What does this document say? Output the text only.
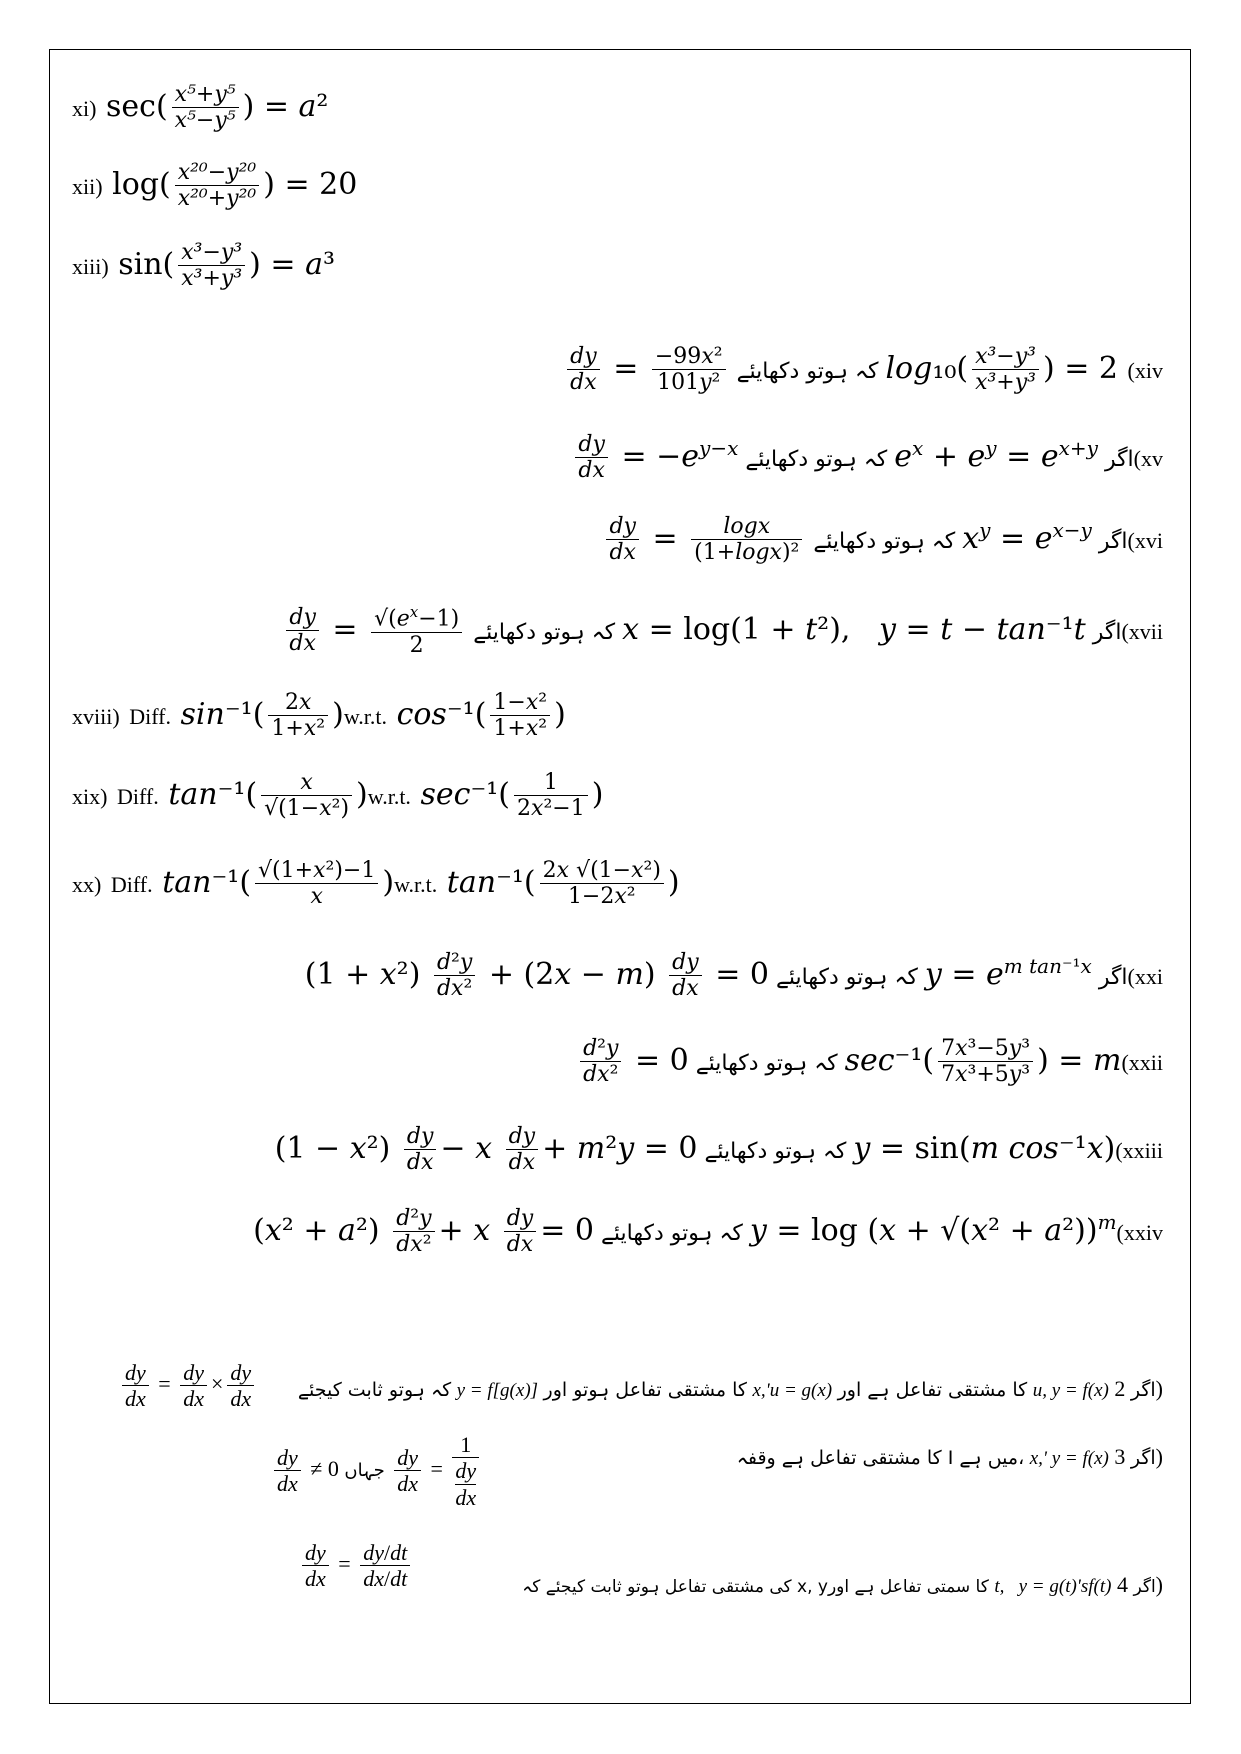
xi) $\sec( \frac{\text{x⁵+y⁵}}{\text{x⁵−y⁵}}$ ) = a²
xii) $\log( \frac{\text{x²⁰−y²⁰}}{\text{x²⁰+y²⁰}}$ ) = 20
xiii) $\sin( \frac{\text{x³−y³}}{\text{x³+y³}}$ ) = a³
$\frac{dy}{dx} = \frac{\text{−99x²}}{\text{101y²}}$ کہ ہوتو دکھایئے $\log_{10}( \frac{\text{x³−y³}}{\text{x³+y³}}$ ) = 2 (xiv
$\frac{dy}{dx} = -e^{y-x}$ کہ ہوتو دکھایئے $e^x + e^y = e^{x+y}$ اگر(xv
$\frac{dy}{dx} = \frac{\log x}{\text{(1+logx)²}}$ کہ ہوتو دکھایئے $x^y = e^{x-y}$ اگر(xvi
$\frac{dy}{dx} = \frac{√(e^x-1)}{2}$ کہ ہوتو دکھایئے x = log(1 + t²),   y = t − tan⁻¹t اگر(xvii
xviii) Diff. $\sin^{-1}( \frac{2x}{\text{1+x²}} )w.r.t$. $\cos^{-1}( \frac{\text{1−x²}}{\text{1+x²}}$ )
xix) Diff. $\tan^{-1}( \frac{x}{\text{√(1−x²)}} )w.r.t$. $\sec^{-1}( \frac{1}{\text{2x²−1}}$ )
xx) Diff. $\tan^{-1}( \frac{\text{√(1+x²)−1}}{x} )w.r.t$. $\tan^{-1}( \frac{\text{2x √(1−x²)}}{\text{1−2x²}}$ )
$(1 + x^2) \frac{\text{d²y}}{\text{dx²}} + (2x - m) \frac{dy}{dx} = 0$ کہ ہوتو دکھایئے $y = e^{m tan^{-1}x}$ اگر(xxi
$\frac{\text{d²y}}{\text{dx²}} = 0$ کہ ہوتو دکھایئے $\sec^{-1}( \frac{\text{7x³−5y³}}{\text{7x³+5y³}}$ ) = m(xxii
$(1 - x^2) \frac{dy}{dx} - x \frac{dy}{dx} + m^2y = 0$ کہ ہوتو دکھایئے y = sin(m cos⁻¹x)(xxiii
$(x^2 + a^2) \frac{\text{d²y}}{\text{dx²}} + x \frac{dy}{dx} = 0$ کہ ہوتو دکھایئے $y = \log (x + √(x^2 + a^2))^m(xxiv$
$\frac{dy}{dx} = \frac{dy}{dx} \times \frac{dy}{dx}$ کہ ہوتو ثابت کیجئے y = f[g(x)] کا مشتقی تفاعل ہوتو اور x,'u = g(x) کا مشتقی تفاعل ہے اور u, y = f(x) اگر 2)
$\frac{dy}{dx} \ne 0$ جہاں $\frac{dy}{dx}$ =
1
dy

dx
کا مشتقی تفاعل ہے وقفہ I میں ہے، x,' y = f(x) اگر 3)
$\frac{dy}{dx} = \frac{dy/dt}{dx/dt}$	کی مشتقی تفاعل ہوتو ثابت کیجئے کہ x, yکا سمتی تفاعل ہے اور t,   y = g(t)'sf(t) اگر 4)
